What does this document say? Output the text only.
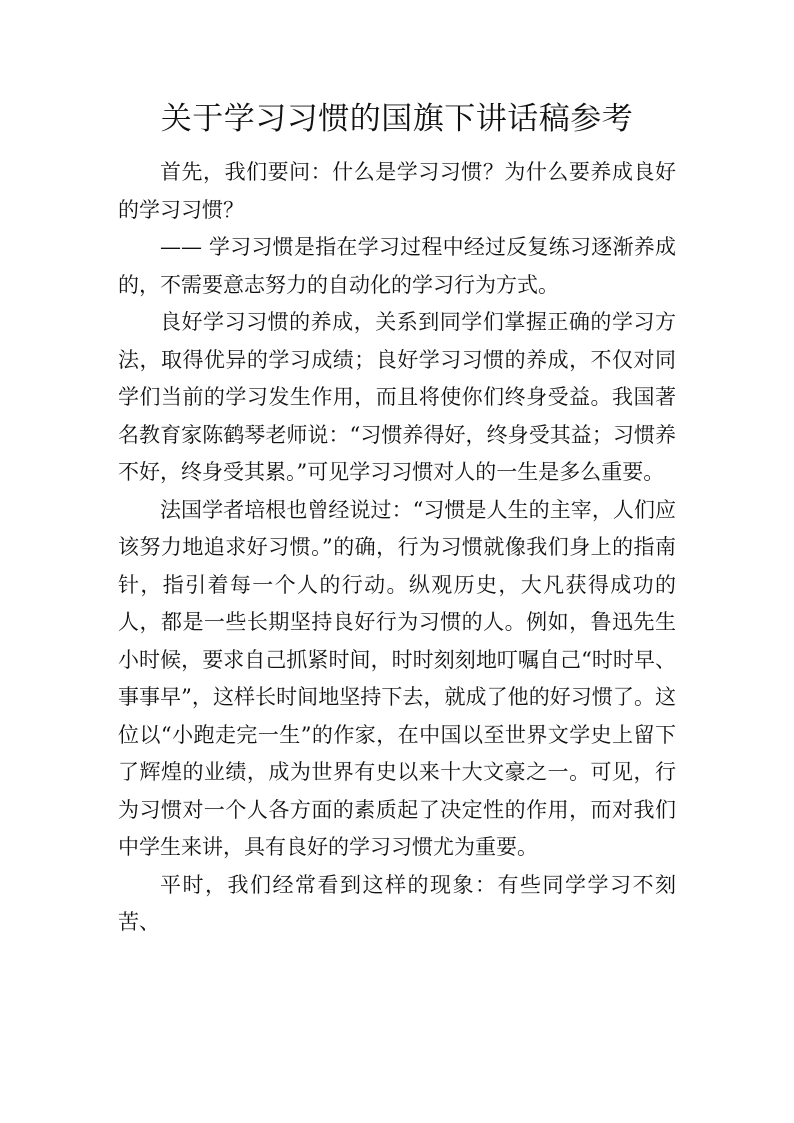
关于学习习惯的国旗下讲话稿参考

首先，我们要问：什么是学习习惯？为什么要养成良好的学习习惯？

—— 学习习惯是指在学习过程中经过反复练习逐渐养成的，不需要意志努力的自动化的学习行为方式。

良好学习习惯的养成，关系到同学们掌握正确的学习方法，取得优异的学习成绩；良好学习习惯的养成，不仅对同学们当前的学习发生作用，而且将使你们终身受益。我国著名教育家陈鹤琴老师说：“习惯养得好，终身受其益；习惯养不好，终身受其累。”可见学习习惯对人的一生是多么重要。

法国学者培根也曾经说过：“习惯是人生的主宰，人们应该努力地追求好习惯。”的确，行为习惯就像我们身上的指南针，指引着每一个人的行动。纵观历史，大凡获得成功的人，都是一些长期坚持良好行为习惯的人。例如，鲁迅先生小时候，要求自己抓紧时间，时时刻刻地叮嘱自己“时时早、事事早”，这样长时间地坚持下去，就成了他的好习惯了。这位以“小跑走完一生”的作家，在中国以至世界文学史上留下了辉煌的业绩，成为世界有史以来十大文豪之一。可见，行为习惯对一个人各方面的素质起了决定性的作用，而对我们中学生来讲，具有良好的学习习惯尤为重要。

平时，我们经常看到这样的现象：有些同学学习不刻苦、
